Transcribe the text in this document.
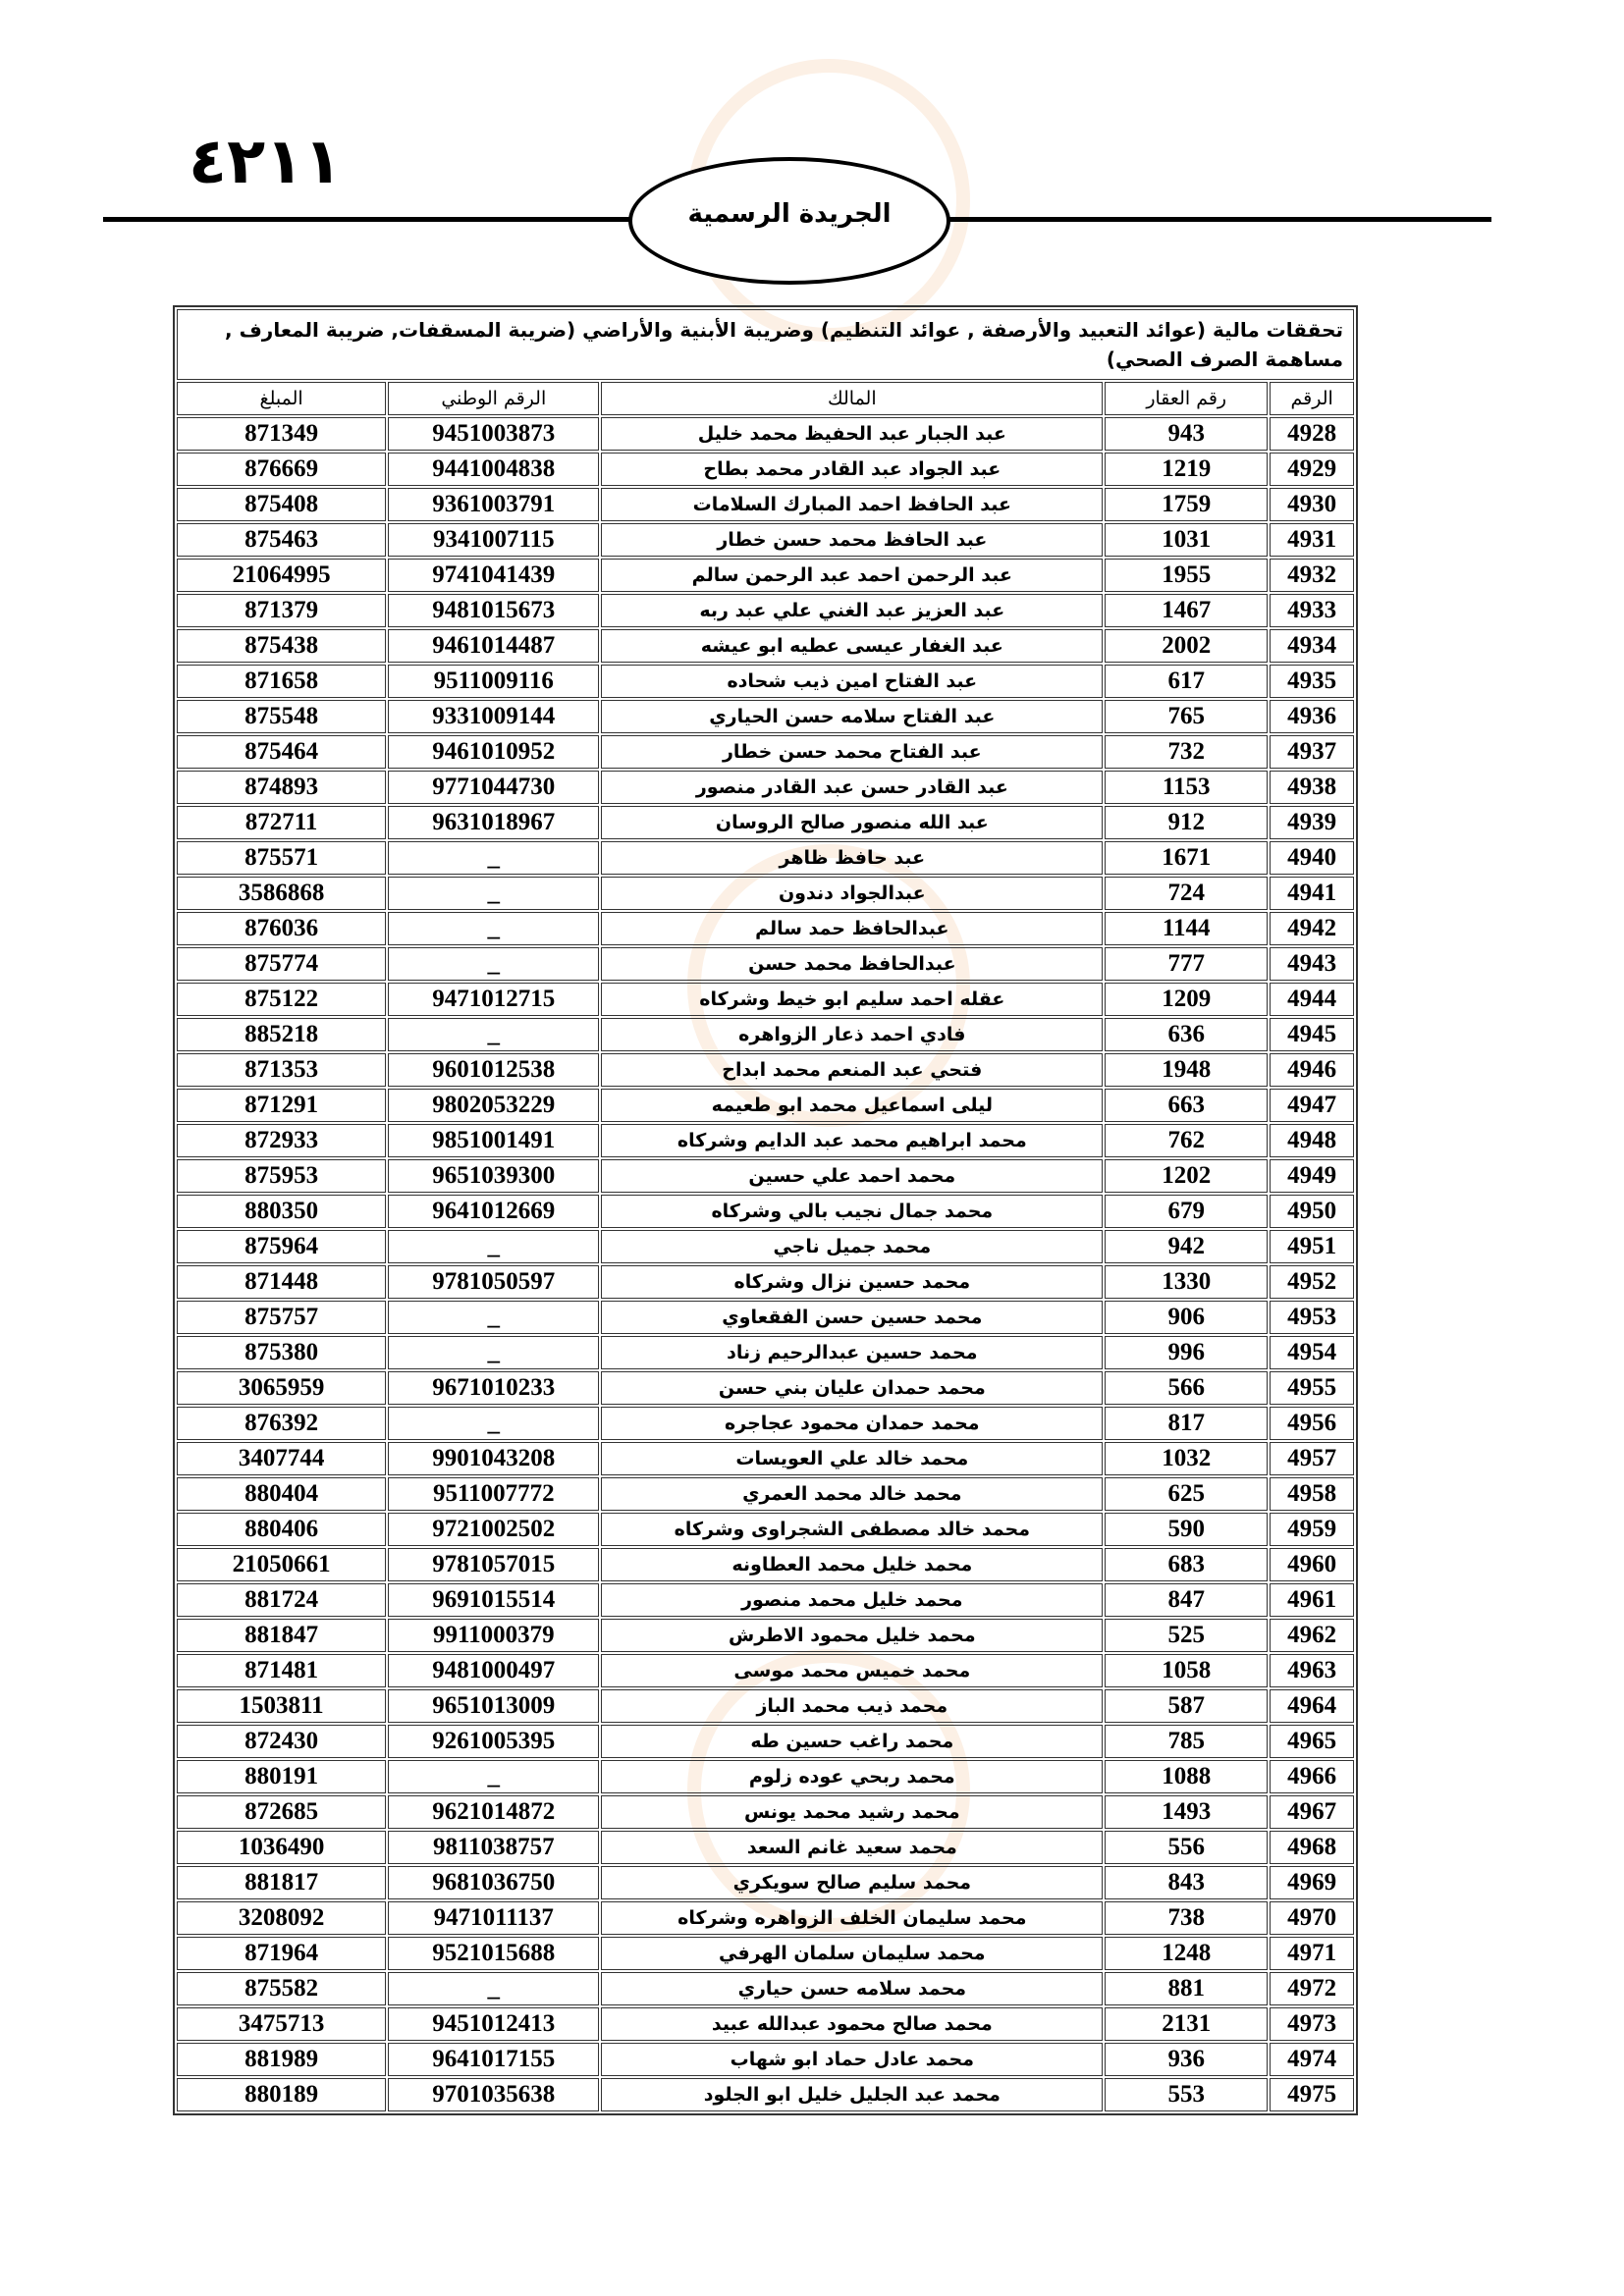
٤٢١١
الجريدة الرسمية
تحققات مالية (عوائد التعبيد والأرصفة , عوائد التنظيم) وضريبة الأبنية والأراضي (ضريبة المسقفات, ضريبة المعارف , مساهمة الصرف الصحي)				
الرقم	رقم العقار	المالك	الرقم الوطني	المبلغ
4928	943	عبد الجبار عبد الحفيظ محمد خليل	9451003873	871349
4929	1219	عبد الجواد عبد القادر محمد بطاح	9441004838	876669
4930	1759	عبد الحافظ احمد المبارك السلامات	9361003791	875408
4931	1031	عبد الحافظ محمد حسن خطار	9341007115	875463
4932	1955	عبد الرحمن احمد عبد الرحمن سالم	9741041439	21064995
4933	1467	عبد العزيز عبد الغني علي عبد ربه	9481015673	871379
4934	2002	عبد الغفار عيسى عطيه ابو عيشه	9461014487	875438
4935	617	عبد الفتاح امين ذيب شحاده	9511009116	871658
4936	765	عبد الفتاح سلامه حسن الحياري	9331009144	875548
4937	732	عبد الفتاح محمد حسن خطار	9461010952	875464
4938	1153	عبد القادر حسن عبد القادر منصور	9771044730	874893
4939	912	عبد الله منصور صالح الروسان	9631018967	872711
4940	1671	عبد حافظ ظاهر	_	875571
4941	724	عبدالجواد دندون	_	3586868
4942	1144	عبدالحافظ حمد سالم	_	876036
4943	777	عبدالحافظ محمد حسن	_	875774
4944	1209	عقله احمد سليم ابو خيط وشركاه	9471012715	875122
4945	636	فادي احمد ذعار الزواهره	_	885218
4946	1948	فتحي عبد المنعم محمد ابداح	9601012538	871353
4947	663	ليلى اسماعيل محمد ابو طعيمه	9802053229	871291
4948	762	محمد ابراهيم محمد عبد الدايم وشركاه	9851001491	872933
4949	1202	محمد احمد علي حسين	9651039300	875953
4950	679	محمد جمال نجيب بالي وشركاه	9641012669	880350
4951	942	محمد جميل ناجي	_	875964
4952	1330	محمد حسين نزال وشركاه	9781050597	871448
4953	906	محمد حسين حسن الفقعاوي	_	875757
4954	996	محمد حسين عبدالرحيم زناد	_	875380
4955	566	محمد حمدان عليان بني حسن	9671010233	3065959
4956	817	محمد حمدان محمود عجاجره	_	876392
4957	1032	محمد خالد علي العويسات	9901043208	3407744
4958	625	محمد خالد محمد العمري	9511007772	880404
4959	590	محمد خالد مصطفى الشجراوى وشركاه	9721002502	880406
4960	683	محمد خليل محمد العطاونه	9781057015	21050661
4961	847	محمد خليل محمد منصور	9691015514	881724
4962	525	محمد خليل محمود الاطرش	9911000379	881847
4963	1058	محمد خميس محمد موسى	9481000497	871481
4964	587	محمد ذيب محمد الباز	9651013009	1503811
4965	785	محمد راغب حسين طه	9261005395	872430
4966	1088	محمد ربحي عوده زلوم	_	880191
4967	1493	محمد رشيد محمد يونس	9621014872	872685
4968	556	محمد سعيد غانم السعد	9811038757	1036490
4969	843	محمد سليم صالح سويكري	9681036750	881817
4970	738	محمد سليمان الخلف الزواهره وشركاه	9471011137	3208092
4971	1248	محمد سليمان سلمان الهرفي	9521015688	871964
4972	881	محمد سلامه حسن حياري	_	875582
4973	2131	محمد صالح محمود عبدالله عبيد	9451012413	3475713
4974	936	محمد عادل حماد ابو شهاب	9641017155	881989
4975	553	محمد عبد الجليل خليل ابو الجلود	9701035638	880189
